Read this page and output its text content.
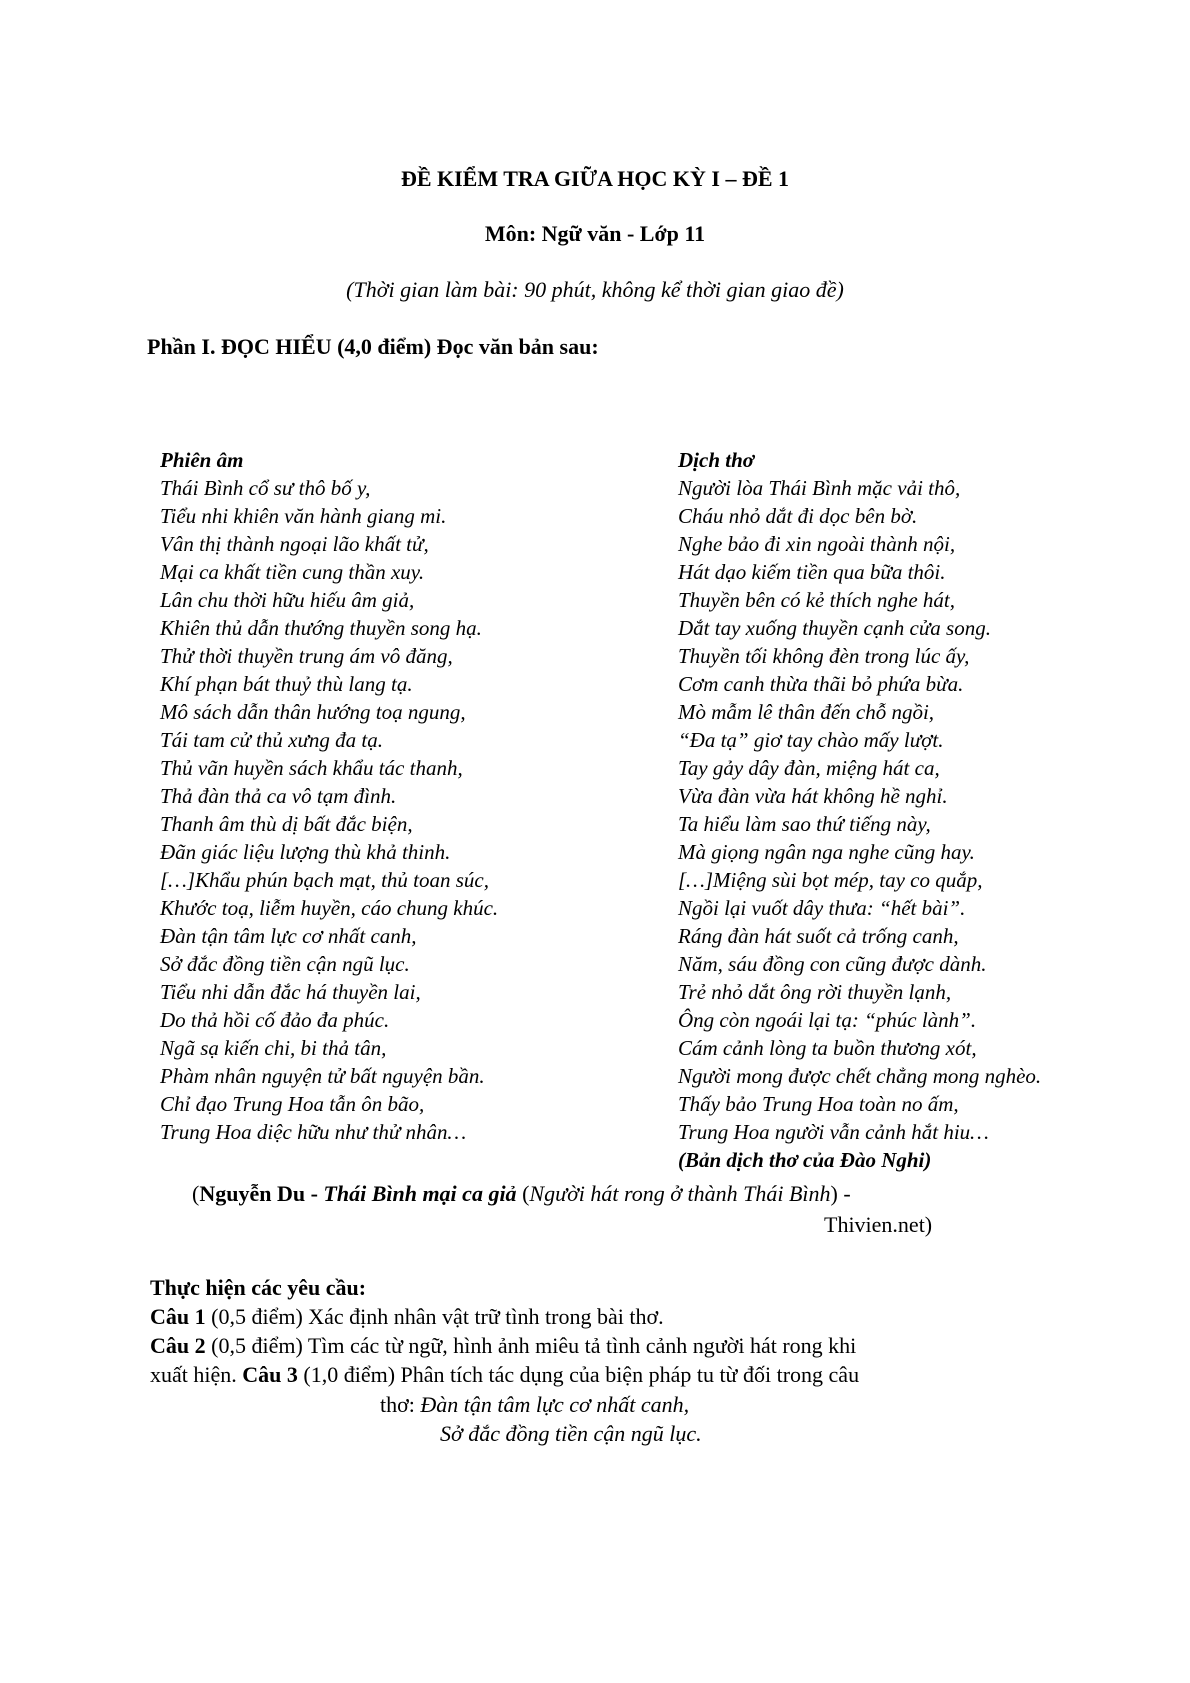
ĐỀ KIỂM TRA GIỮA HỌC KỲ I – ĐỀ 1
Môn: Ngữ văn - Lớp 11
(Thời gian làm bài: 90 phút, không kể thời gian giao đề)
Phần I. ĐỌC HIỂU (4,0 điểm) Đọc văn bản sau:
Phiên âm
Thái Bình cổ sư thô bố y,
Tiểu nhi khiên văn hành giang mi.
Vân thị thành ngoại lão khất tử,
Mại ca khất tiền cung thần xuy.
Lân chu thời hữu hiếu âm giả,
Khiên thủ dẫn thướng thuyền song hạ.
Thử thời thuyền trung ám vô đăng,
Khí phạn bát thuỷ thù lang tạ.
Mô sách dẫn thân hướng toạ ngung,
Tái tam cử thủ xưng đa tạ.
Thủ vãn huyền sách khẩu tác thanh,
Thả đàn thả ca vô tạm đình.
Thanh âm thù dị bất đắc biện,
Đãn giác liệu lượng thù khả thinh.
[…]Khẩu phún bạch mạt, thủ toan súc,
Khước toạ, liễm huyền, cáo chung khúc.
Đàn tận tâm lực cơ nhất canh,
Sở đắc đồng tiền cận ngũ lục.
Tiểu nhi dẫn đắc há thuyền lai,
Do thả hồi cố đảo đa phúc.
Ngã sạ kiến chi, bi thả tân,
Phàm nhân nguyện tử bất nguyện bần.
Chỉ đạo Trung Hoa tẫn ôn bão,
Trung Hoa diệc hữu như thử nhân…
Dịch thơ
Người lòa Thái Bình mặc vải thô,
Cháu nhỏ dắt đi dọc bên bờ.
Nghe bảo đi xin ngoài thành nội,
Hát dạo kiếm tiền qua bữa thôi.
Thuyền bên có kẻ thích nghe hát,
Dắt tay xuống thuyền cạnh cửa song.
Thuyền tối không đèn trong lúc ấy,
Cơm canh thừa thãi bỏ phứa bừa.
Mò mẫm lê thân đến chỗ ngồi,
“Đa tạ” giơ tay chào mấy lượt.
Tay gảy dây đàn, miệng hát ca,
Vừa đàn vừa hát không hề nghỉ.
Ta hiểu làm sao thứ tiếng này,
Mà giọng ngân nga nghe cũng hay.
[…]Miệng sùi bọt mép, tay co quắp,
Ngồi lại vuốt dây thưa: “hết bài”.
Ráng đàn hát suốt cả trống canh,
Năm, sáu đồng con cũng được dành.
Trẻ nhỏ dắt ông rời thuyền lạnh,
Ông còn ngoái lại tạ: “phúc lành”.
Cám cảnh lòng ta buồn thương xót,
Người mong được chết chẳng mong nghèo.
Thấy bảo Trung Hoa toàn no ấm,
Trung Hoa người vẫn cảnh hắt hiu…
(Bản dịch thơ của Đào Nghi)
(Nguyễn Du - Thái Bình mại ca giả (Người hát rong ở thành Thái Bình) -
Thivien.net)
Thực hiện các yêu cầu:
Câu 1 (0,5 điểm) Xác định nhân vật trữ tình trong bài thơ.
Câu 2 (0,5 điểm) Tìm các từ ngữ, hình ảnh miêu tả tình cảnh người hát rong khi
xuất hiện. Câu 3 (1,0 điểm) Phân tích tác dụng của biện pháp tu từ đối trong câu
thơ: Đàn tận tâm lực cơ nhất canh,
Sở đắc đồng tiền cận ngũ lục.
